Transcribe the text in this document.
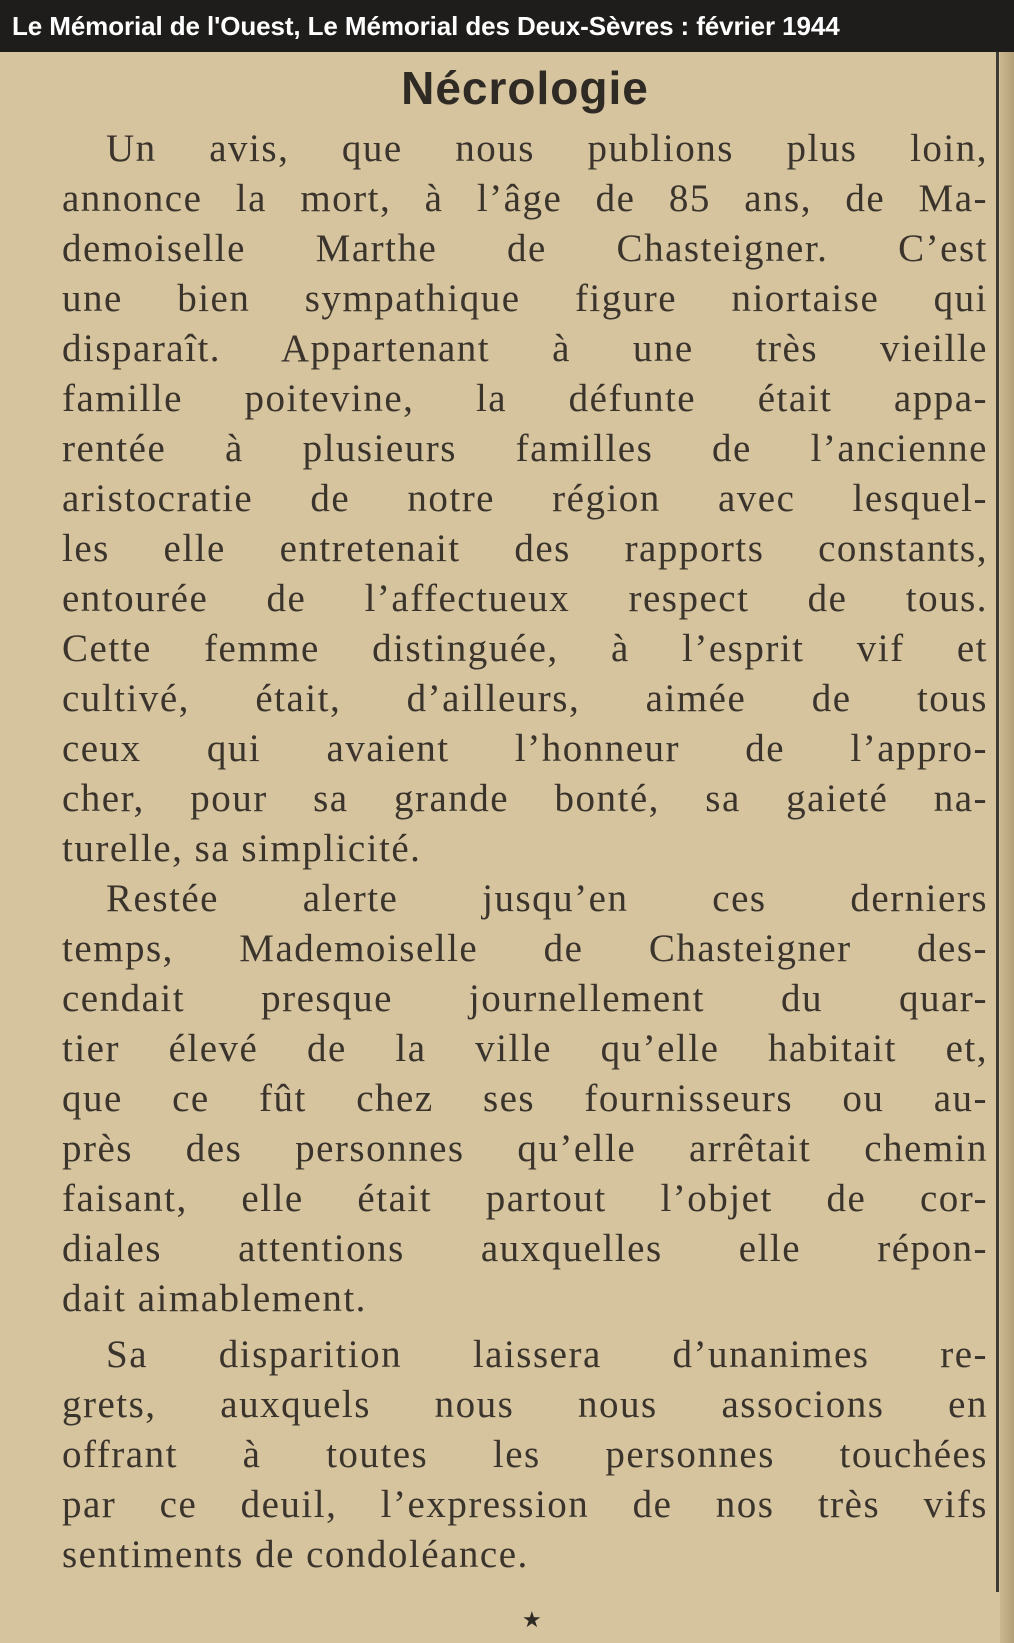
Le Mémorial de l'Ouest, Le Mémorial des Deux-Sèvres : février 1944
Nécrologie
Un avis, que nous publions plus loin,
annonce la mort, à l’âge de 85 ans, de Ma-
demoiselle Marthe de Chasteigner. C’est
une bien sympathique figure niortaise qui
disparaît. Appartenant à une très vieille
famille poitevine, la défunte était appa-
rentée à plusieurs familles de l’ancienne
aristocratie de notre région avec lesquel-
les elle entretenait des rapports constants,
entourée de l’affectueux respect de tous.
Cette femme distinguée, à l’esprit vif et
cultivé, était, d’ailleurs, aimée de tous
ceux qui avaient l’honneur de l’appro-
cher, pour sa grande bonté, sa gaieté na-
turelle, sa simplicité.
Restée alerte jusqu’en ces derniers
temps, Mademoiselle de Chasteigner des-
cendait presque journellement du quar-
tier élevé de la ville qu’elle habitait et,
que ce fût chez ses fournisseurs ou au-
près des personnes qu’elle arrêtait chemin
faisant, elle était partout l’objet de cor-
diales attentions auxquelles elle répon-
dait aimablement.
Sa disparition laissera d’unanimes re-
grets, auxquels nous nous associons en
offrant à toutes les personnes touchées
par ce deuil, l’expression de nos très vifs
sentiments de condoléance.
★
